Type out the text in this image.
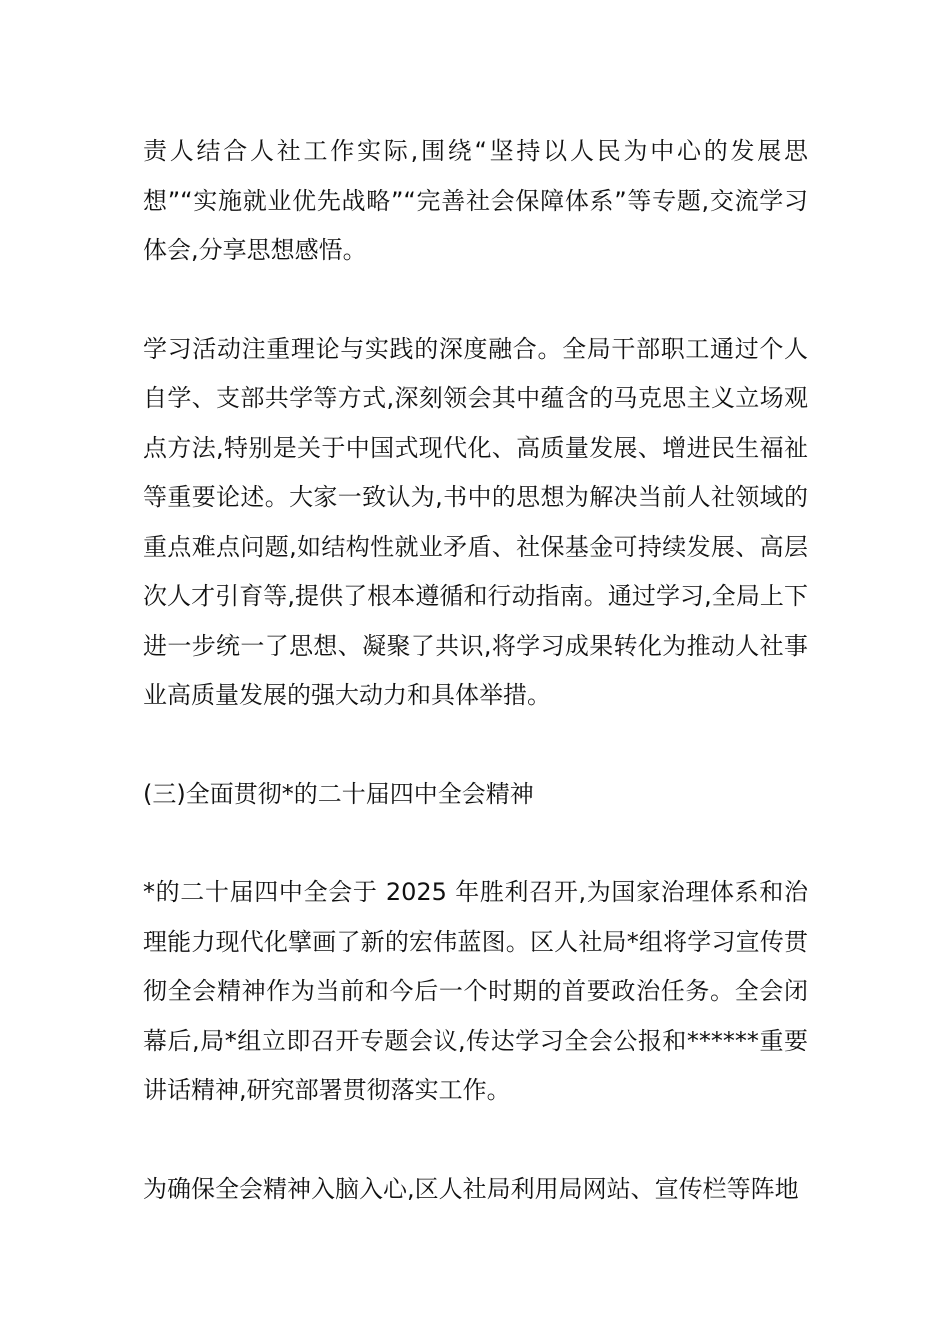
责人结合人社工作实际,围绕“坚持以人民为中心的发展思想”“实施就业优先战略”“完善社会保障体系”等专题,交流学习体会,分享思想感悟。

学习活动注重理论与实践的深度融合。全局干部职工通过个人自学、支部共学等方式,深刻领会其中蕴含的马克思主义立场观点方法,特别是关于中国式现代化、高质量发展、增进民生福祉等重要论述。大家一致认为,书中的思想为解决当前人社领域的重点难点问题,如结构性就业矛盾、社保基金可持续发展、高层次人才引育等,提供了根本遵循和行动指南。通过学习,全局上下进一步统一了思想、凝聚了共识,将学习成果转化为推动人社事业高质量发展的强大动力和具体举措。

(三)全面贯彻*的二十届四中全会精神

*的二十届四中全会于 2025 年胜利召开,为国家治理体系和治理能力现代化擘画了新的宏伟蓝图。区人社局*组将学习宣传贯彻全会精神作为当前和今后一个时期的首要政治任务。全会闭幕后,局*组立即召开专题会议,传达学习全会公报和******重要讲话精神,研究部署贯彻落实工作。

为确保全会精神入脑入心,区人社局利用局网站、宣传栏等阵地
